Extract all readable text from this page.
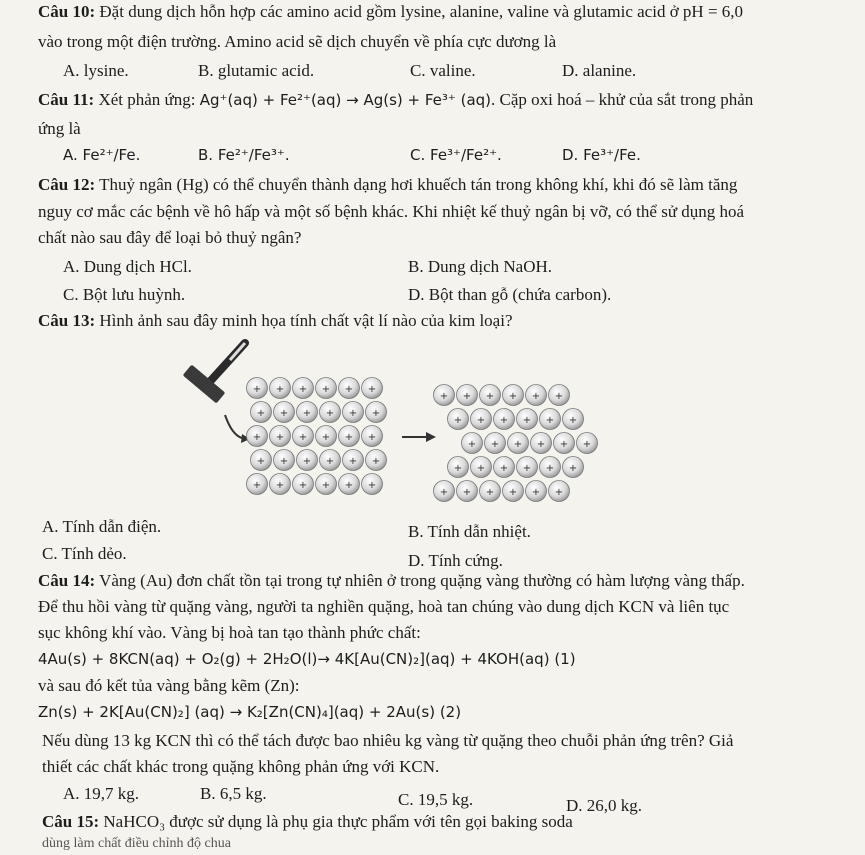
Câu 10: Đặt dung dịch hỗn hợp các amino acid gồm lysine, alanine, valine và glutamic acid ở pH = 6,0
vào trong một điện trường. Amino acid sẽ dịch chuyển về phía cực dương là
A. lysine.	B. glutamic acid.	C. valine.	D. alanine.
Câu 11: Xét phản ứng: Ag⁺(aq) + Fe²⁺(aq) → Ag(s) + Fe³⁺ (aq). Cặp oxi hoá – khử của sắt trong phản
ứng là
A. Fe²⁺/Fe.	B. Fe²⁺/Fe³⁺.	C. Fe³⁺/Fe²⁺.	D. Fe³⁺/Fe.
Câu 12: Thuỷ ngân (Hg) có thể chuyển thành dạng hơi khuếch tán trong không khí, khi đó sẽ làm tăng
nguy cơ mắc các bệnh về hô hấp và một số bệnh khác. Khi nhiệt kế thuỷ ngân bị vỡ, có thể sử dụng hoá
chất nào sau đây để loại bỏ thuỷ ngân?
A. Dung dịch HCl.	B. Dung dịch NaOH.
C. Bột lưu huỳnh.	D. Bột than gỗ (chứa carbon).
Câu 13: Hình ảnh sau đây minh họa tính chất vật lí nào của kim loại?
+ + + + + +
+ + + + + +
+ + + + + +
+ + + + + +
+ + + + + +
+ + + + + +
+ + + + + +
+ + + + + +
+ + + + + +
+ + + + + +
A. Tính dẫn điện.	B. Tính dẫn nhiệt.
C. Tính dẻo.	D. Tính cứng.
Câu 14: Vàng (Au) đơn chất tồn tại trong tự nhiên ở trong quặng vàng thường có hàm lượng vàng thấp.
Để thu hồi vàng từ quặng vàng, người ta nghiền quặng, hoà tan chúng vào dung dịch KCN và liên tục
sục không khí vào. Vàng bị hoà tan tạo thành phức chất:
4Au(s) + 8KCN(aq) + O₂(g) + 2H₂O(l)→ 4K[Au(CN)₂](aq) + 4KOH(aq) (1)
và sau đó kết tủa vàng bằng kẽm (Zn):
Zn(s) + 2K[Au(CN)₂] (aq) → K₂[Zn(CN)₄](aq) + 2Au(s) (2)
Nếu dùng 13 kg KCN thì có thể tách được bao nhiêu kg vàng từ quặng theo chuỗi phản ứng trên? Giả
thiết các chất khác trong quặng không phản ứng với KCN.
A. 19,7 kg.	B. 6,5 kg.	C. 19,5 kg.	D. 26,0 kg.
Câu 15: NaHCO₃ được sử dụng là phụ gia thực phẩm với tên gọi baking soda
dùng làm chất điều chỉnh độ chua
